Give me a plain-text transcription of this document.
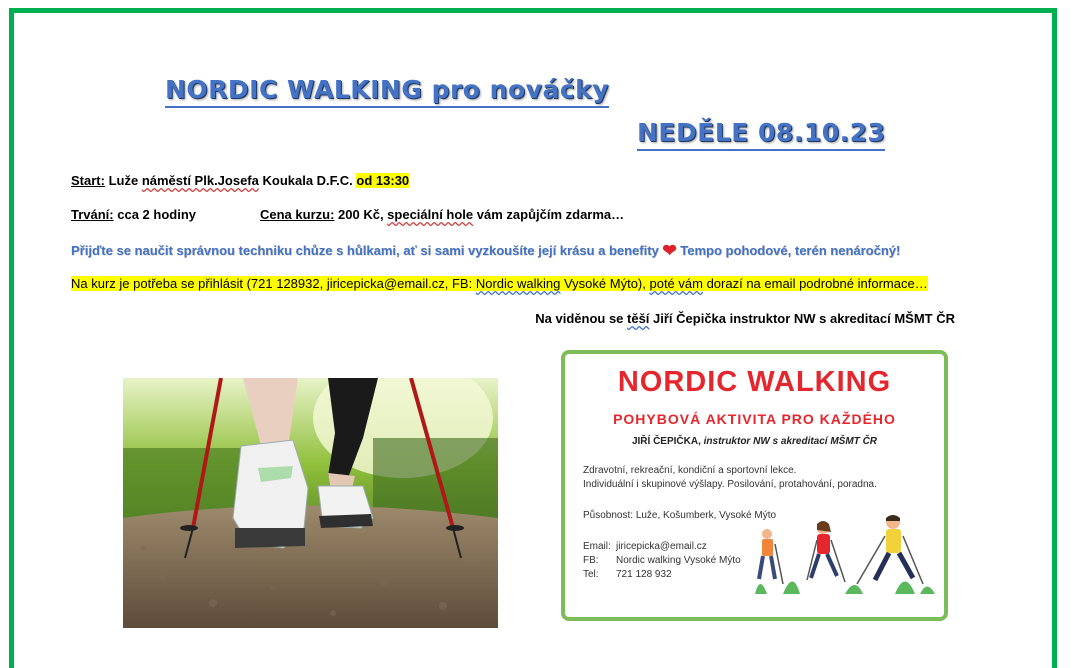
NORDIC WALKING pro nováčky
NEDĚLE 08.10.23
Start: Luže náměstí Plk.Josefa Koukala D.F.C. od 13:30
Trvání: cca 2 hodiny	Cena kurzu: 200 Kč, speciální hole vám zapůjčím zdarma…
Přijďte se naučit správnou techniku chůze s hůlkami, ať si sami vyzkoušíte její krásu a benefity ❤ Tempo pohodové, terén nenáročný!
Na kurz je potřeba se přihlásit (721 128932, jiricepicka@email.cz, FB: Nordic walking Vysoké Mýto), poté vám dorazí na email podrobné informace…
Na viděnou se těší Jiří Čepička instruktor NW s akreditací MŠMT ČR
NORDIC WALKING
POHYBOVÁ AKTIVITA PRO KAŽDÉHO
JIŘÍ ČEPIČKA, instruktor NW s akreditací MŠMT ČR
Zdravotní, rekreační, kondiční a sportovní lekce.
Individuální i skupinové výšlapy. Posilování, protahování, poradna.
Působnost: Luže, Košumberk, Vysoké Mýto
Email: jiricepicka@email.cz
FB: Nordic walking Vysoké Mýto
Tel: 721 128 932
